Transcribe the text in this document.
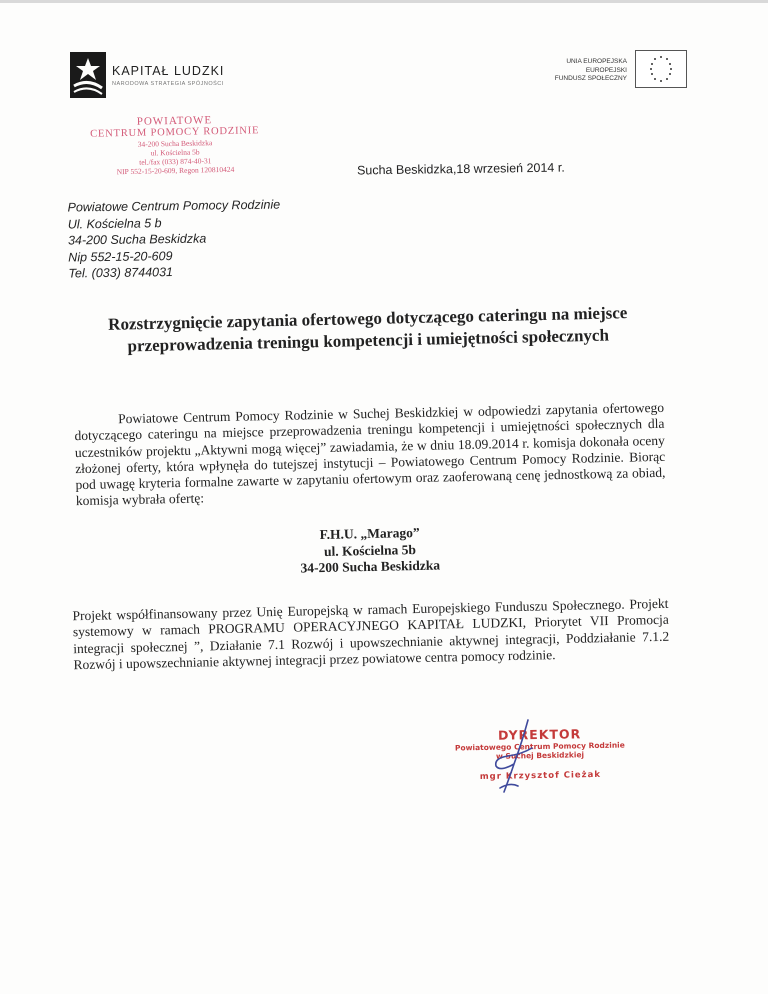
KAPITAŁ LUDZKI
NARODOWA STRATEGIA SPÓJNOŚCI
UNIA EUROPEJSKA
EUROPEJSKI
FUNDUSZ SPOŁECZNY
POWIATOWE
CENTRUM POMOCY RODZINIE
34-200 Sucha Beskidzka
ul. Kościelna 5b
tel./fax (033) 874-40-31
NIP 552-15-20-609, Regon 120810424	Sucha Beskidzka,18 wrzesień 2014 r.
Powiatowe Centrum Pomocy Rodzinie
Ul. Kościelna 5 b
34-200 Sucha Beskidzka
Nip 552-15-20-609
Tel. (033) 8744031
Rozstrzygnięcie zapytania ofertowego dotyczącego cateringu na miejsce
przeprowadzenia treningu kompetencji i umiejętności społecznych
Powiatowe Centrum Pomocy Rodzinie w Suchej Beskidzkiej w odpowiedzi zapytania ofertowego dotyczącego cateringu na miejsce przeprowadzenia treningu kompetencji i umiejętności społecznych dla uczestników projektu „Aktywni mogą więcej” zawiadamia, że w dniu 18.09.2014 r. komisja dokonała oceny złożonej oferty, która wpłynęła do tutejszej instytucji – Powiatowego Centrum Pomocy Rodzinie. Biorąc pod uwagę kryteria formalne zawarte w zapytaniu ofertowym oraz zaoferowaną cenę jednostkową za obiad, komisja wybrała ofertę:
F.H.U. „Marago”
ul. Kościelna 5b
34-200 Sucha Beskidzka
Projekt współfinansowany przez Unię Europejską w ramach Europejskiego Funduszu Społecznego. Projekt systemowy w ramach PROGRAMU OPERACYJNEGO KAPITAŁ LUDZKI, Priorytet VII Promocja integracji społecznej ”, Działanie 7.1 Rozwój i upowszechnianie aktywnej integracji, Poddziałanie 7.1.2 Rozwój i upowszechnianie aktywnej integracji przez powiatowe centra pomocy rodzinie.
DYREKTOR
Powiatowego Centrum Pomocy Rodzinie
w Suchej Beskidzkiej
mgr Krzysztof Cieżak
